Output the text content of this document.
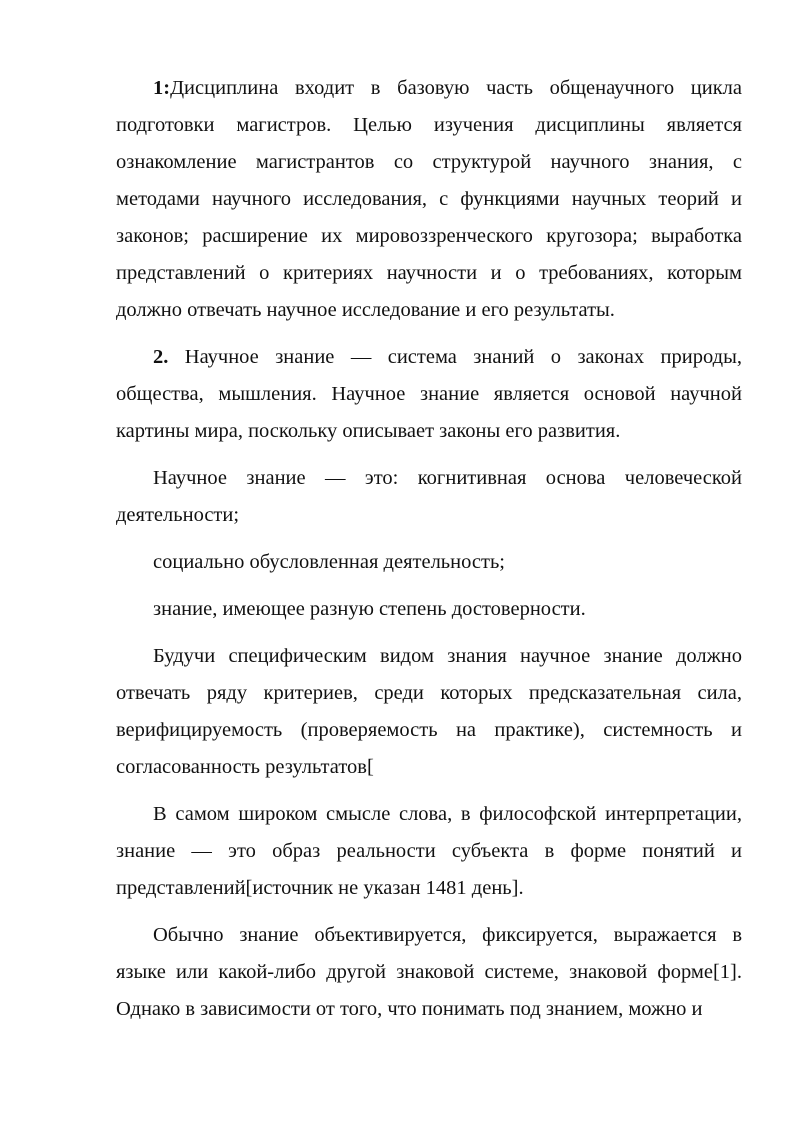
1:Дисциплина входит в базовую часть общенаучного цикла подготовки магистров. Целью изучения дисциплины является ознакомление магистрантов со структурой научного знания, с методами научного исследования, с функциями научных теорий и законов; расширение их мировоззренческого кругозора; выработка представлений о критериях научности и о требованиях, которым должно отвечать научное исследование и его результаты.

2. Научное знание — система знаний о законах природы, общества, мышления. Научное знание является основой научной картины мира, поскольку описывает законы его развития.

Научное знание — это: когнитивная основа человеческой деятельности;

социально обусловленная деятельность;

знание, имеющее разную степень достоверности.

Будучи специфическим видом знания научное знание должно отвечать ряду критериев, среди которых предсказательная сила, верифицируемость (проверяемость на практике), системность и согласованность результатов[

В самом широком смысле слова, в философской интерпретации, знание — это образ реальности субъекта в форме понятий и представлений[источник не указан 1481 день].

Обычно знание объективируется, фиксируется, выражается в языке или какой-либо другой знаковой системе, знаковой форме[1]. Однако в зависимости от того, что понимать под знанием, можно и
